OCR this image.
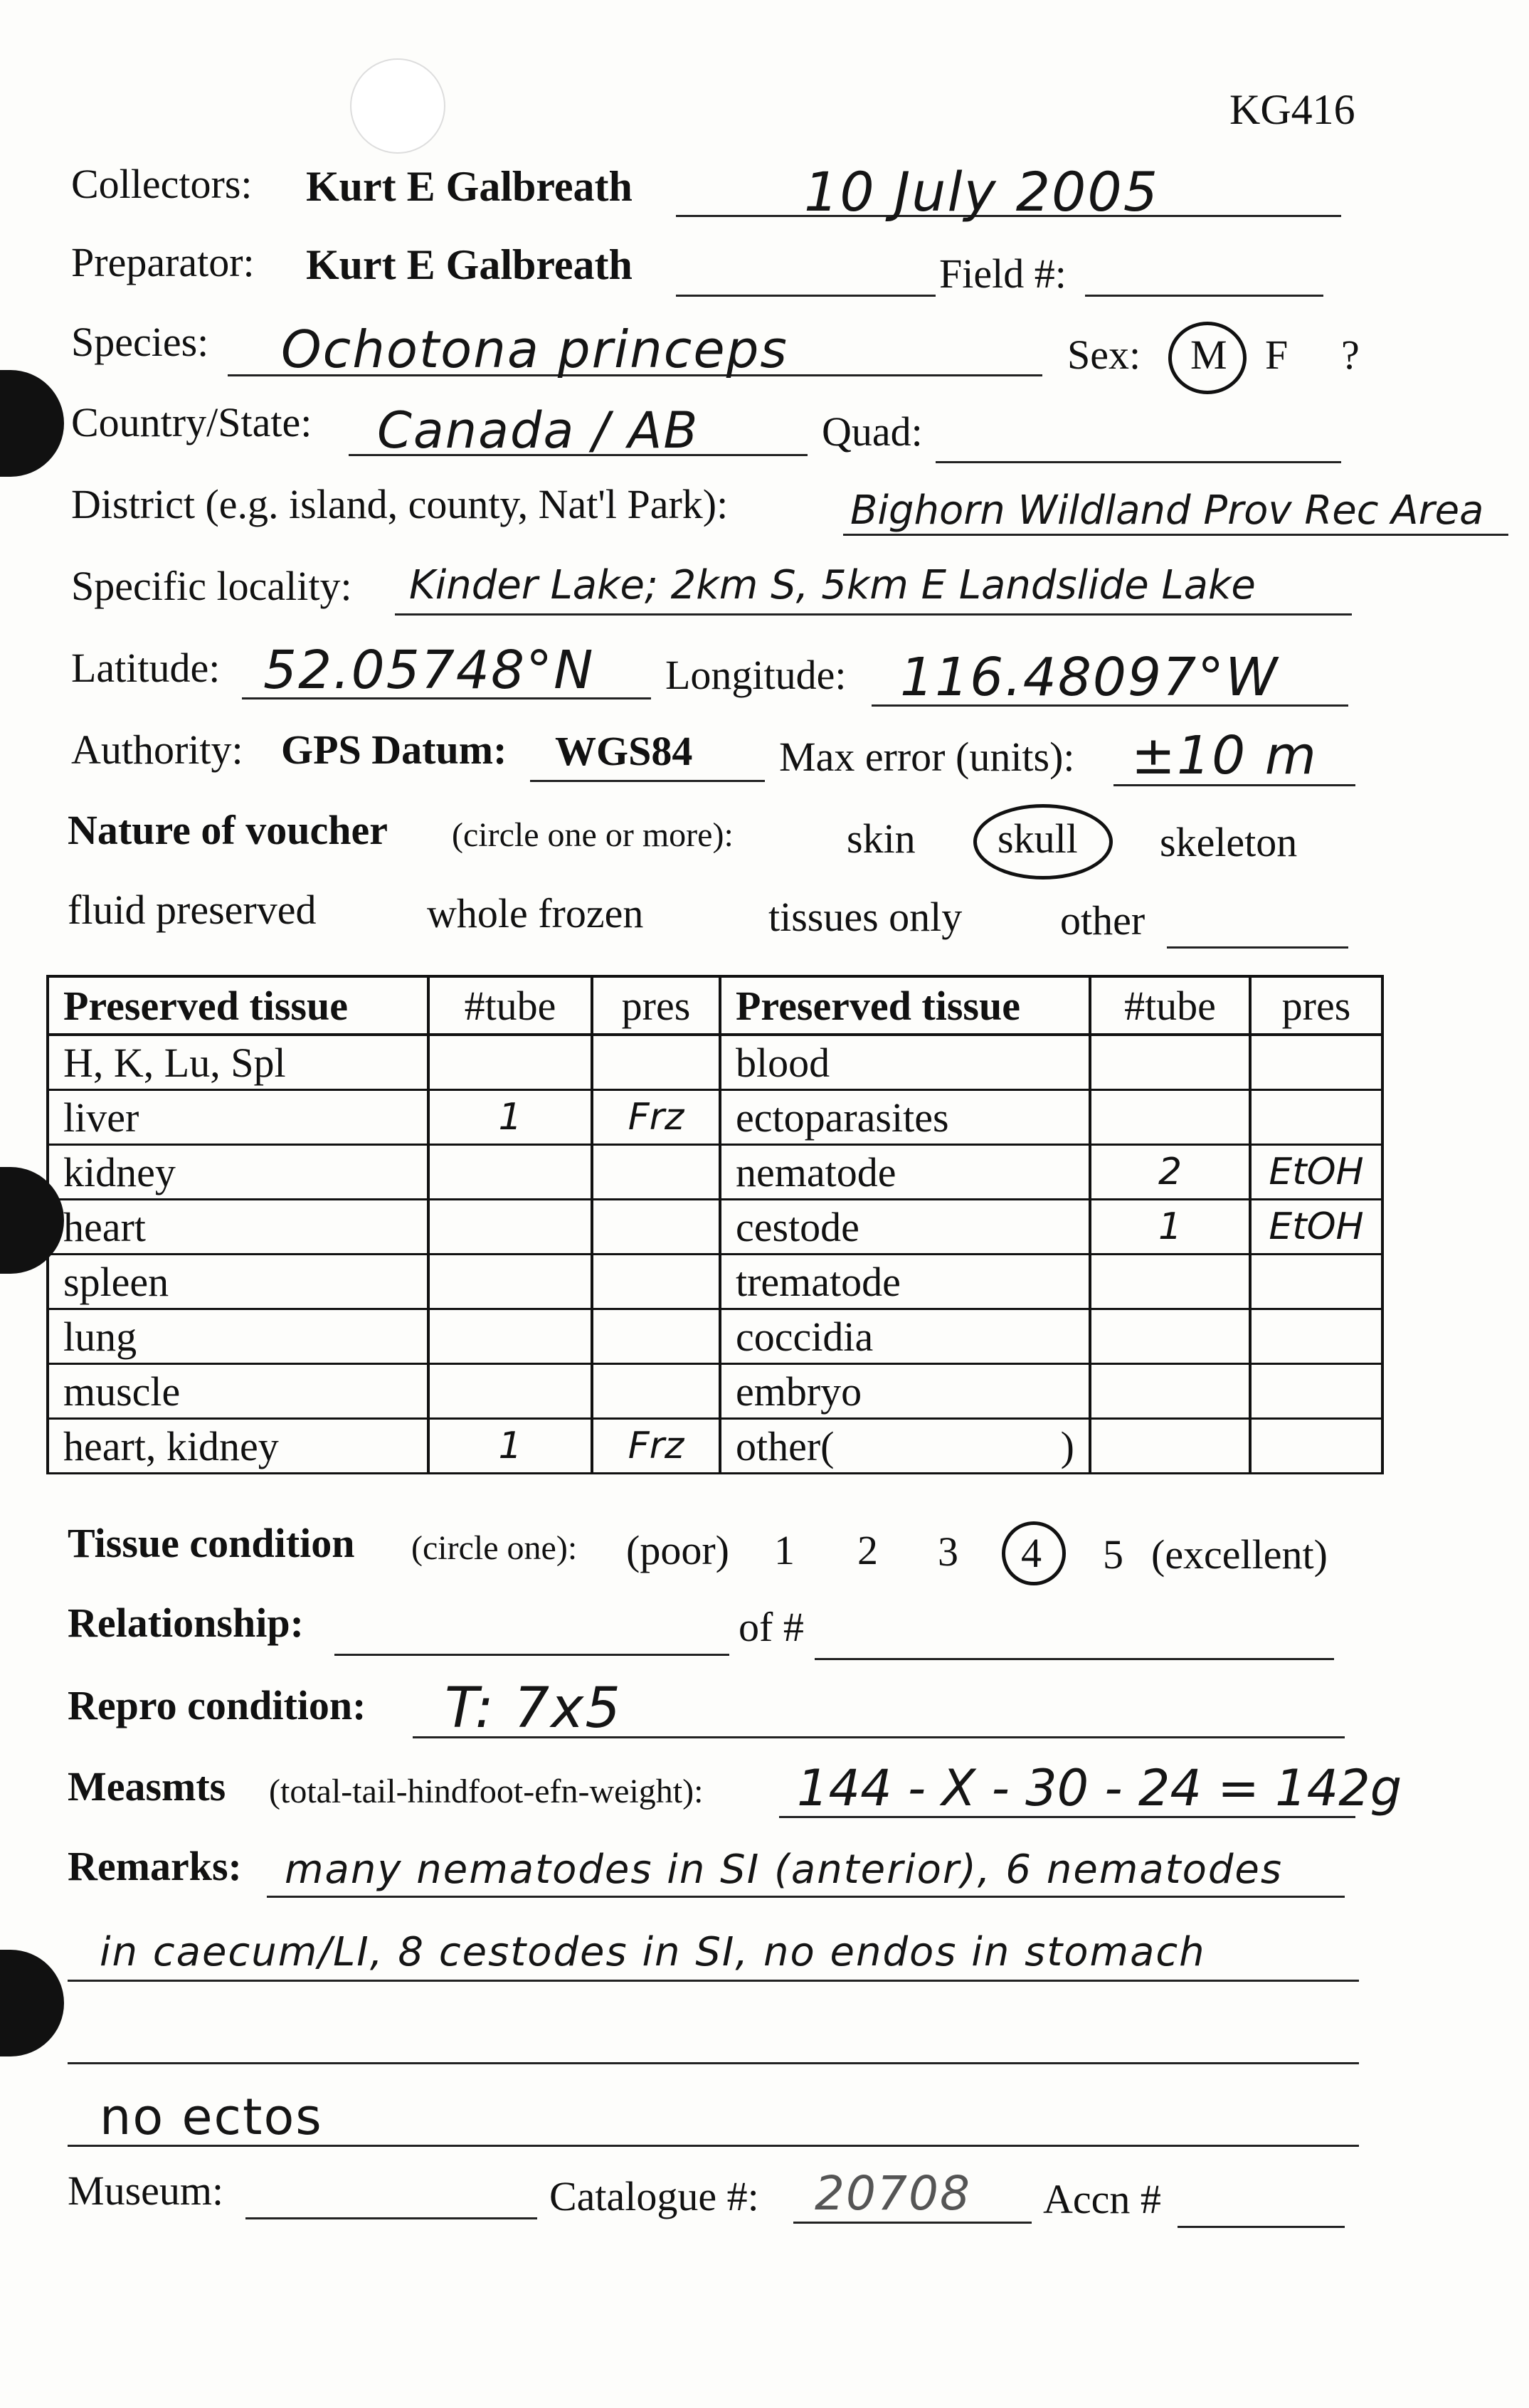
KG416
Collectors: Kurt E Galbreath	10 July 2005
Preparator: Kurt E Galbreath	Field #:
Species: Ochotona princeps	Sex: M F ?
Country/State: Canada / AB	Quad:
District (e.g. island, county, Nat'l Park):	Bighorn Wildland Prov Rec Area
Specific locality: Kinder Lake; 2km S, 5km E Landslide Lake
Latitude: 52.05748°N Longitude: 116.48097°W
Authority: GPS Datum: WGS84 Max error (units): ±10 m
Nature of voucher (circle one or more):	skin skull skeleton
fluid preserved	whole frozen	tissues only other
Preserved tissue	#tube	pres	Preserved tissue	#tube	pres
H, K, Lu, Spl			blood		
liver	1	Frz	ectoparasites		
kidney			nematode	2	EtOH
heart			cestode	1	EtOH
spleen			trematode		
lung			coccidia		
muscle			embryo		
heart, kidney	1	Frz	other( )		

Tissue condition (circle one): (poor) 1 2 3 4 5 (excellent)
Relationship:	of #
Repro condition: T: 7x5
Measmts (total-tail-hindfoot-efn-weight): 144 - X - 30 - 24 = 142g
Remarks: many nematodes in SI (anterior), 6 nematodes
in caecum/LI, 8 cestodes in SI, no endos in stomach
no ectos
Museum:	Catalogue #: 20708 Accn #
